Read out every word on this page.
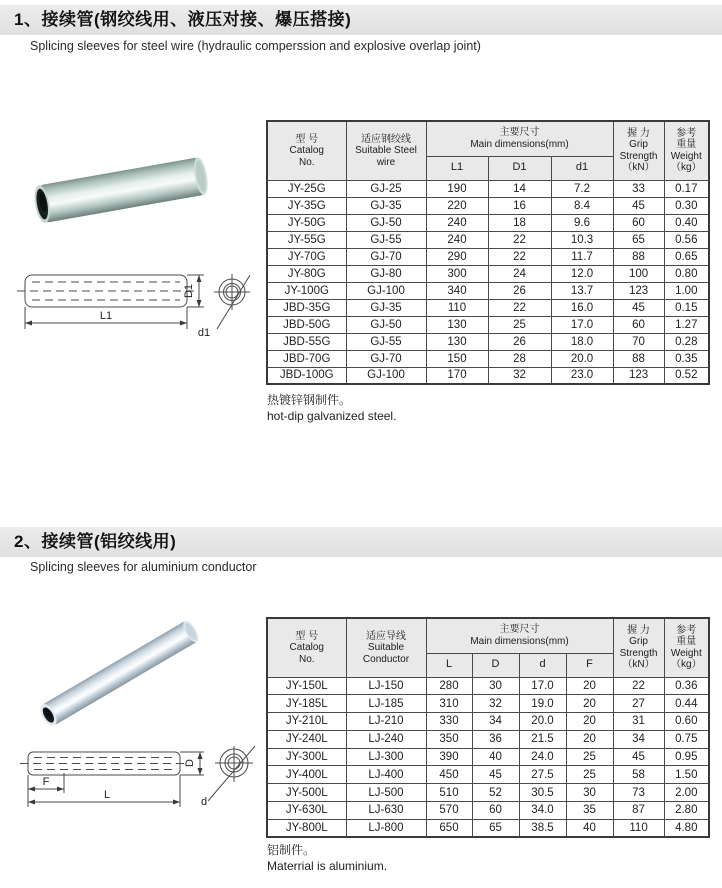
1、接续管(钢绞线用、液压对接、爆压搭接)

Splicing sleeves for steel wire (hydraulic comperssion and explosive overlap joint)

L1
D1
d1
型 号
Catalog
No.	适应钢绞线
Suitable Steel
wire	主要尺寸
Main dimensions(mm)			握 力
Grip
Strength
（kN）	参考
重量
Weight
（kg）

		L1	D1	d1		
JY-25G	GJ-25	190	14	7.2	33	0.17
JY-35G	GJ-35	220	16	8.4	45	0.30
JY-50G	GJ-50	240	18	9.6	60	0.40
JY-55G	GJ-55	240	22	10.3	65	0.56
JY-70G	GJ-70	290	22	11.7	88	0.65
JY-80G	GJ-80	300	24	12.0	100	0.80
JY-100G	GJ-100	340	26	13.7	123	1.00
JBD-35G	GJ-35	110	22	16.0	45	0.15
JBD-50G	GJ-50	130	25	17.0	60	1.27
JBD-55G	GJ-55	130	26	18.0	70	0.28
JBD-70G	GJ-70	150	28	20.0	88	0.35
JBD-100G	GJ-100	170	32	23.0	123	0.52
热镀锌钢制件。
hot-dip galvanized steel.
2、接续管(铝绞线用)

Splicing sleeves for aluminium conductor

F
L
D
d
型 号
Catalog
No.	适应导线
Suitable
Conductor	主要尺寸
Main dimensions(mm)				握 力
Grip
Strength
（kN）	参考
重量
Weight
（kg）

		L	D	d	F		
JY-150L	LJ-150	280	30	17.0	20	22	0.36
JY-185L	LJ-185	310	32	19.0	20	27	0.44
JY-210L	LJ-210	330	34	20.0	20	31	0.60
JY-240L	LJ-240	350	36	21.5	20	34	0.75
JY-300L	LJ-300	390	40	24.0	25	45	0.95
JY-400L	LJ-400	450	45	27.5	25	58	1.50
JY-500L	LJ-500	510	52	30.5	30	73	2.00
JY-630L	LJ-630	570	60	34.0	35	87	2.80
JY-800L	LJ-800	650	65	38.5	40	110	4.80
铝制件。
Materrial is aluminium.
